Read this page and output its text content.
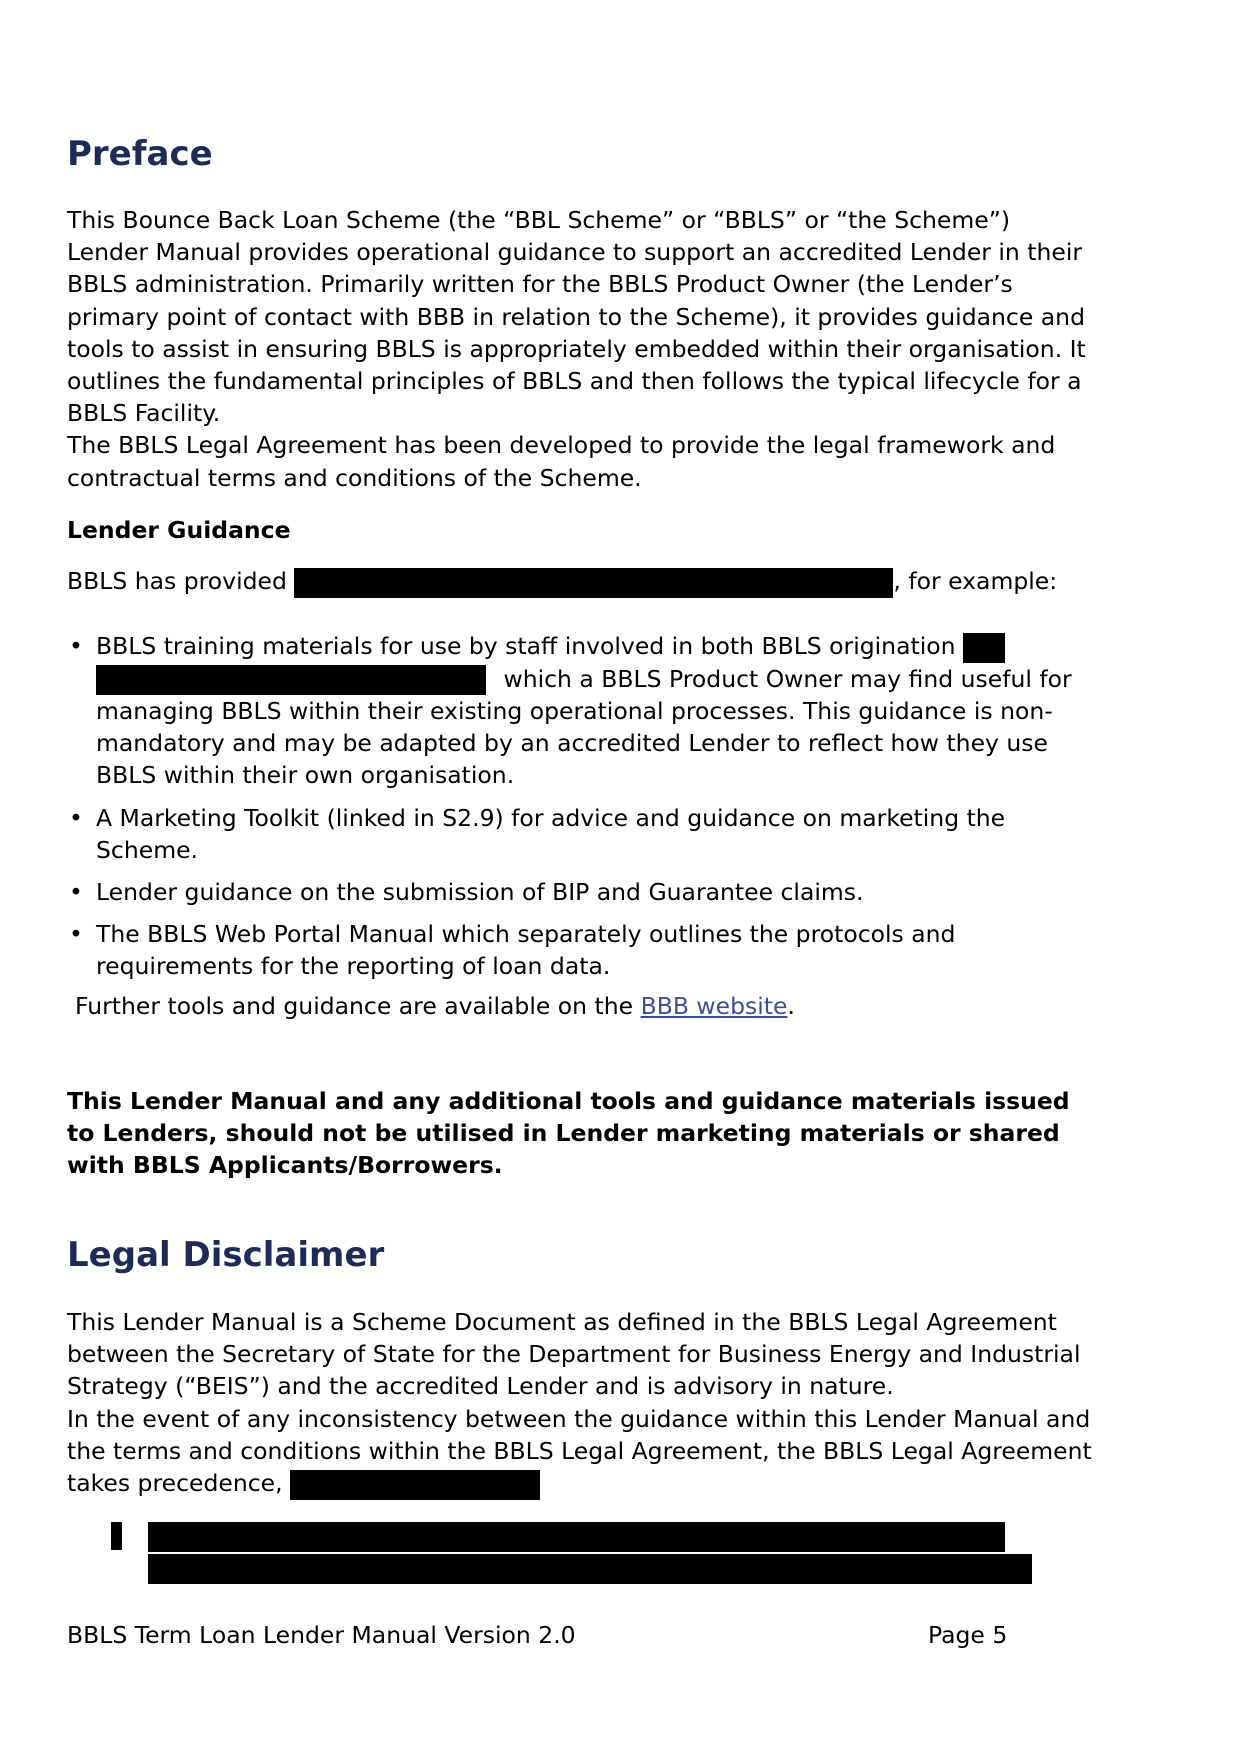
Preface

This Bounce Back Loan Scheme (the “BBL Scheme” or “BBLS” or “the Scheme”) Lender Manual provides operational guidance to support an accredited Lender in their BBLS administration. Primarily written for the BBLS Product Owner (the Lender’s primary point of contact with BBB in relation to the Scheme), it provides guidance and tools to assist in ensuring BBLS is appropriately embedded within their organisation. It outlines the fundamental principles of BBLS and then follows the typical lifecycle for a BBLS Facility.

The BBLS Legal Agreement has been developed to provide the legal framework and contractual terms and conditions of the Scheme.

Lender Guidance

BBLS has provided	, for example:

• BBLS training materials for use by staff involved in both BBLS origination   which a BBLS Product Owner may find useful for managing BBLS within their existing operational processes. This guidance is non-mandatory and may be adapted by an accredited Lender to reflect how they use BBLS within their own organisation.
• A Marketing Toolkit (linked in S2.9) for advice and guidance on marketing the Scheme.
• Lender guidance on the submission of BIP and Guarantee claims.
• The BBLS Web Portal Manual which separately outlines the protocols and requirements for the reporting of loan data.

Further tools and guidance are available on the BBB website.

This Lender Manual and any additional tools and guidance materials issued to Lenders, should not be utilised in Lender marketing materials or shared with BBLS Applicants/Borrowers.

Legal Disclaimer

This Lender Manual is a Scheme Document as defined in the BBLS Legal Agreement between the Secretary of State for the Department for Business Energy and Industrial Strategy (“BEIS”) and the accredited Lender and is advisory in nature.

In the event of any inconsistency between the guidance within this Lender Manual and the terms and conditions within the BBLS Legal Agreement, the BBLS Legal Agreement takes precedence,

BBLS Term Loan Lender Manual Version 2.0	Page 5
